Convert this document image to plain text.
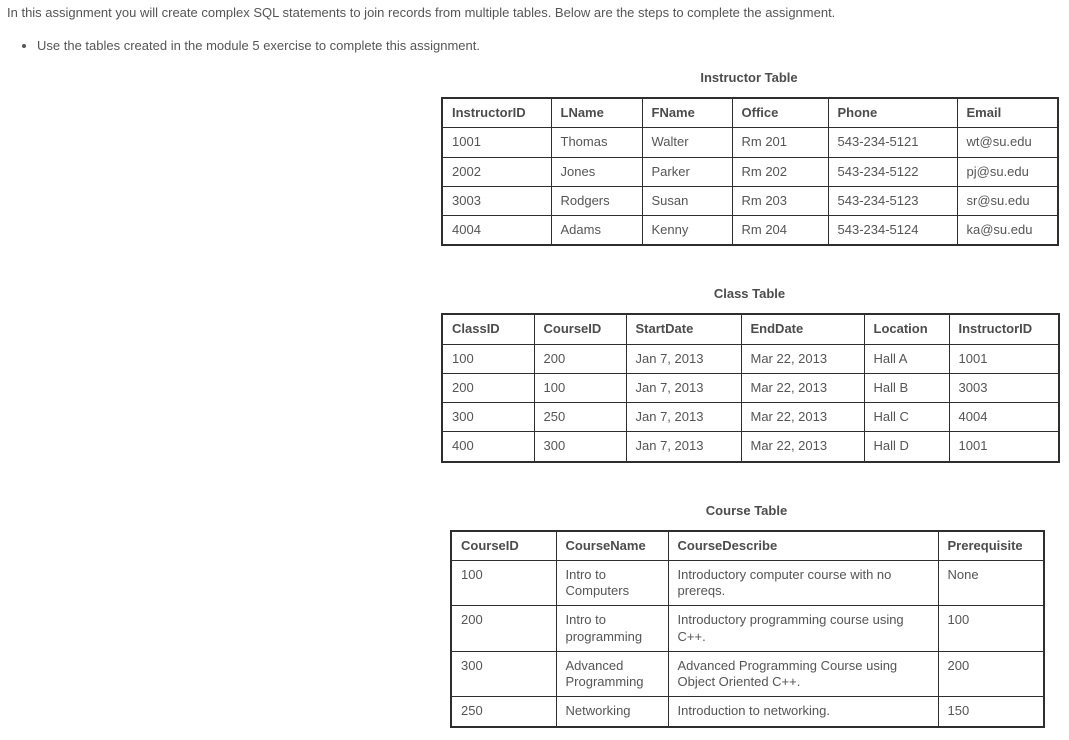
In this assignment you will create complex SQL statements to join records from multiple tables. Below are the steps to complete the assignment.

• Use the tables created in the module 5 exercise to complete this assignment.
Instructor Table
InstructorID	LName	FName	Office	Phone	Email
1001	Thomas	Walter	Rm 201	543-234-5121	wt@su.edu
2002	Jones	Parker	Rm 202	543-234-5122	pj@su.edu
3003	Rodgers	Susan	Rm 203	543-234-5123	sr@su.edu
4004	Adams	Kenny	Rm 204	543-234-5124	ka@su.edu
Class Table
ClassID	CourseID	StartDate	EndDate	Location	InstructorID
100	200	Jan 7, 2013	Mar 22, 2013	Hall A	1001
200	100	Jan 7, 2013	Mar 22, 2013	Hall B	3003
300	250	Jan 7, 2013	Mar 22, 2013	Hall C	4004
400	300	Jan 7, 2013	Mar 22, 2013	Hall D	1001
Course Table
CourseID	CourseName	CourseDescribe	Prerequisite
100	Intro to Computers	Introductory computer course with no prereqs.	None
200	Intro to programming	Introductory programming course using C++.	100
300	Advanced Programming	Advanced Programming Course using Object Oriented C++.	200
250	Networking	Introduction to networking.	150
